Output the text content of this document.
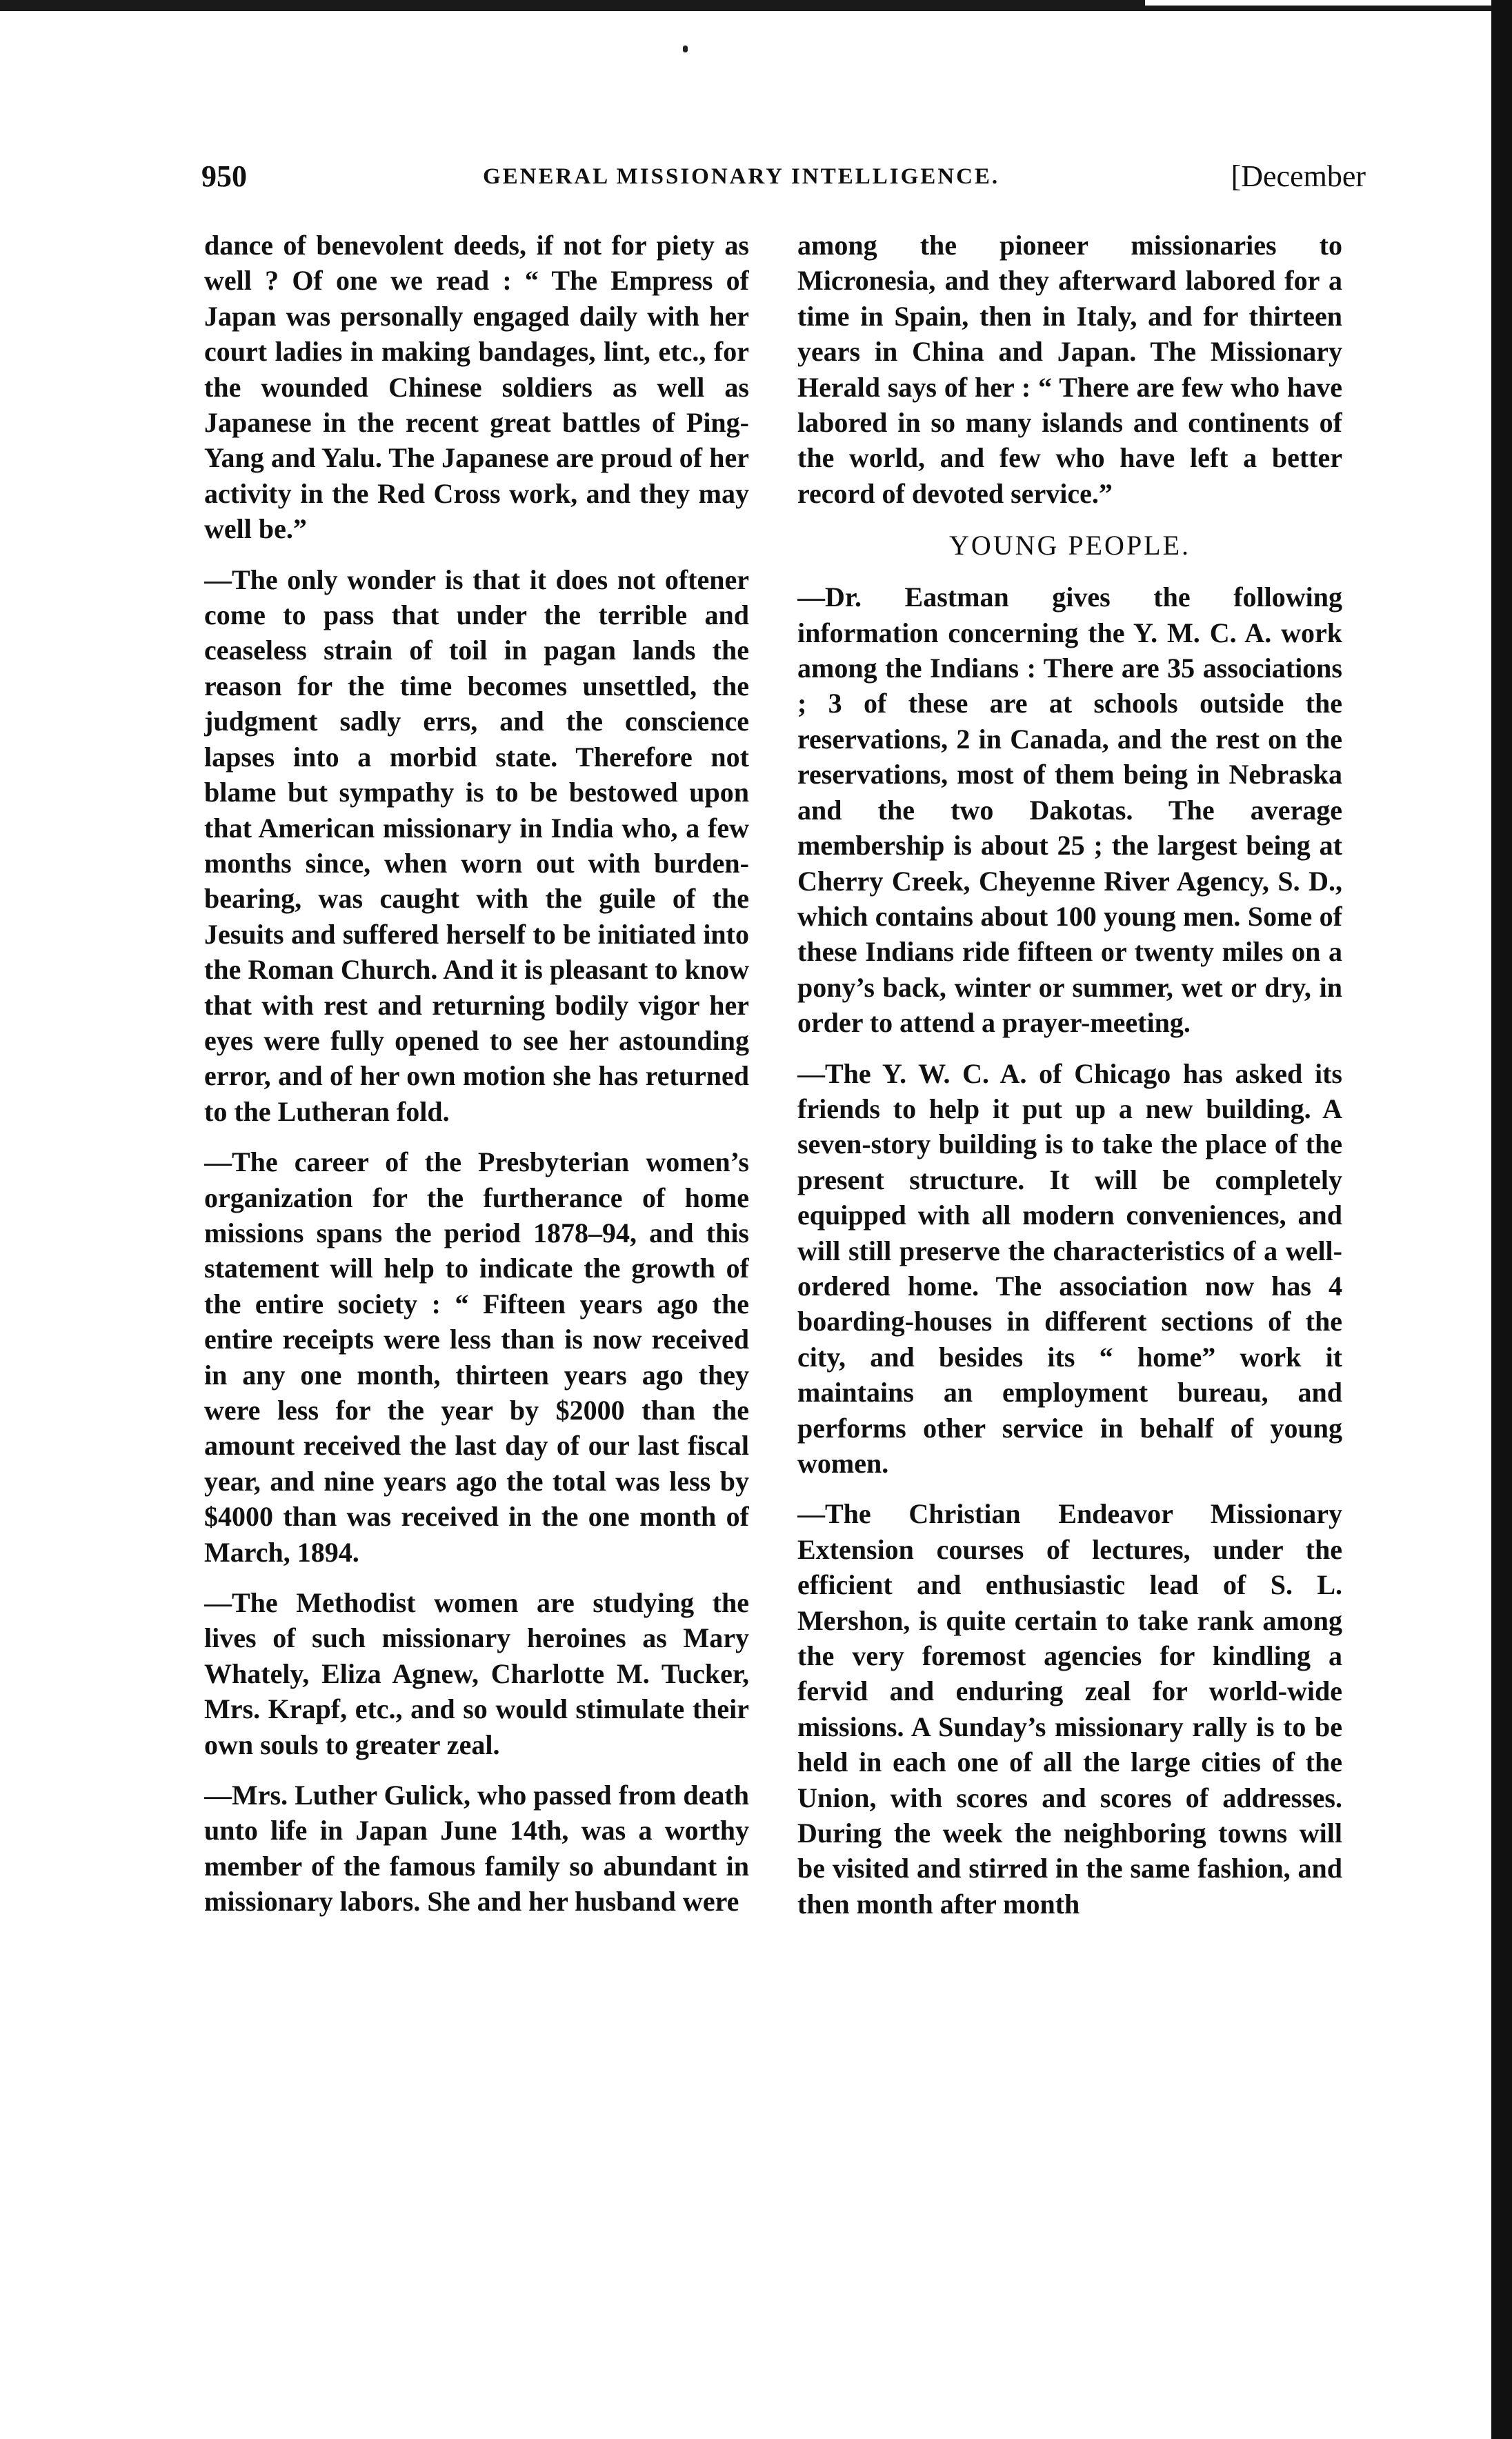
950	GENERAL MISSIONARY INTELLIGENCE.	[December

dance of benevolent deeds, if not for piety as well ? Of one we read : “ The Empress of Japan was personally engaged daily with her court ladies in making bandages, lint, etc., for the wounded Chinese soldiers as well as Japanese in the recent great battles of Ping-Yang and Yalu. The Japanese are proud of her activity in the Red Cross work, and they may well be.”

—The only wonder is that it does not oftener come to pass that under the terrible and ceaseless strain of toil in pagan lands the reason for the time becomes unsettled, the judgment sadly errs, and the conscience lapses into a morbid state. Therefore not blame but sympathy is to be bestowed upon that American missionary in India who, a few months since, when worn out with burden-bearing, was caught with the guile of the Jesuits and suffered herself to be initiated into the Roman Church. And it is pleasant to know that with rest and returning bodily vigor her eyes were fully opened to see her astounding error, and of her own motion she has returned to the Lutheran fold.

—The career of the Presbyterian women’s organization for the furtherance of home missions spans the period 1878–94, and this statement will help to indicate the growth of the entire society : “ Fifteen years ago the entire receipts were less than is now received in any one month, thirteen years ago they were less for the year by $2000 than the amount received the last day of our last fiscal year, and nine years ago the total was less by $4000 than was received in the one month of March, 1894.

—The Methodist women are studying the lives of such missionary heroines as Mary Whately, Eliza Agnew, Charlotte M. Tucker, Mrs. Krapf, etc., and so would stimulate their own souls to greater zeal.

—Mrs. Luther Gulick, who passed from death unto life in Japan June 14th, was a worthy member of the famous family so abundant in missionary labors. She and her husband were

among the pioneer missionaries to Micronesia, and they afterward labored for a time in Spain, then in Italy, and for thirteen years in China and Japan. The Missionary Herald says of her : “ There are few who have labored in so many islands and continents of the world, and few who have left a better record of devoted service.”

YOUNG PEOPLE.

—Dr. Eastman gives the following information concerning the Y. M. C. A. work among the Indians : There are 35 associations ; 3 of these are at schools outside the reservations, 2 in Canada, and the rest on the reservations, most of them being in Nebraska and the two Dakotas. The average membership is about 25 ; the largest being at Cherry Creek, Cheyenne River Agency, S. D., which contains about 100 young men. Some of these Indians ride fifteen or twenty miles on a pony’s back, winter or summer, wet or dry, in order to attend a prayer-meeting.

—The Y. W. C. A. of Chicago has asked its friends to help it put up a new building. A seven-story building is to take the place of the present structure. It will be completely equipped with all modern conveniences, and will still preserve the characteristics of a well-ordered home. The association now has 4 boarding-houses in different sections of the city, and besides its “ home” work it maintains an employment bureau, and performs other service in behalf of young women.

—The Christian Endeavor Missionary Extension courses of lectures, under the efficient and enthusiastic lead of S. L. Mershon, is quite certain to take rank among the very foremost agencies for kindling a fervid and enduring zeal for world-wide missions. A Sunday’s missionary rally is to be held in each one of all the large cities of the Union, with scores and scores of addresses. During the week the neighboring towns will be visited and stirred in the same fashion, and then month after month
